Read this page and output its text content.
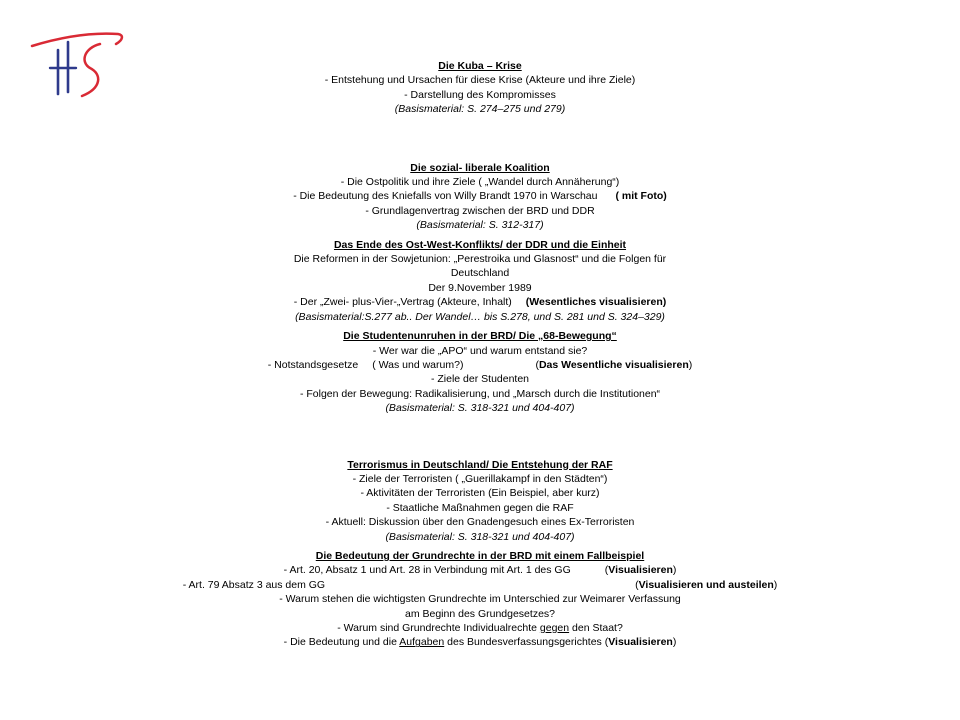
Die Kuba – Krise
- Entstehung und Ursachen für diese Krise (Akteure und ihre Ziele)
- Darstellung des Kompromisses
(Basismaterial: S. 274–275 und 279)
Die sozial- liberale Koalition
- Die Ostpolitik und ihre Ziele ( „Wandel durch Annäherung“)
- Die Bedeutung des Kniefalls von Willy Brandt 1970 in Warschau ( mit Foto)
- Grundlagenvertrag zwischen der BRD und DDR
(Basismaterial: S. 312-317)
Das Ende des Ost-West-Konflikts/ der DDR und die Einheit
Die Reformen in der Sowjetunion: „Perestroika und Glasnost“ und die Folgen für
Deutschland
Der 9.November 1989
- Der „Zwei- plus-Vier-„Vertrag (Akteure, Inhalt) (Wesentliches visualisieren)
(Basismaterial:S.277 ab.. Der Wandel… bis S.278, und S. 281 und S. 324–329)
Die Studentenunruhen in der BRD/ Die „68-Bewegung“
- Wer war die „APO“ und warum entstand sie?
- Notstandsgesetze ( Was und warum?)	(Das Wesentliche visualisieren)
- Ziele der Studenten
- Folgen der Bewegung: Radikalisierung, und „Marsch durch die Institutionen“
(Basismaterial: S. 318-321 und 404-407)
Terrorismus in Deutschland/ Die Entstehung der RAF
- Ziele der Terroristen ( „Guerillakampf in den Städten“)
- Aktivitäten der Terroristen (Ein Beispiel, aber kurz)
- Staatliche Maßnahmen gegen die RAF
- Aktuell: Diskussion über den Gnadengesuch eines Ex-Terroristen
(Basismaterial: S. 318-321 und 404-407)
Die Bedeutung der Grundrechte in der BRD mit einem Fallbeispiel
- Art. 20, Absatz 1 und Art. 28 in Verbindung mit Art. 1 des GG	(Visualisieren)
- Art. 79 Absatz 3 aus dem GG	(Visualisieren und austeilen)
- Warum stehen die wichtigsten Grundrechte im Unterschied zur Weimarer Verfassung
am Beginn des Grundgesetzes?
- Warum sind Grundrechte Individualrechte gegen den Staat?
- Die Bedeutung und die Aufgaben des Bundesverfassungsgerichtes (Visualisieren)
